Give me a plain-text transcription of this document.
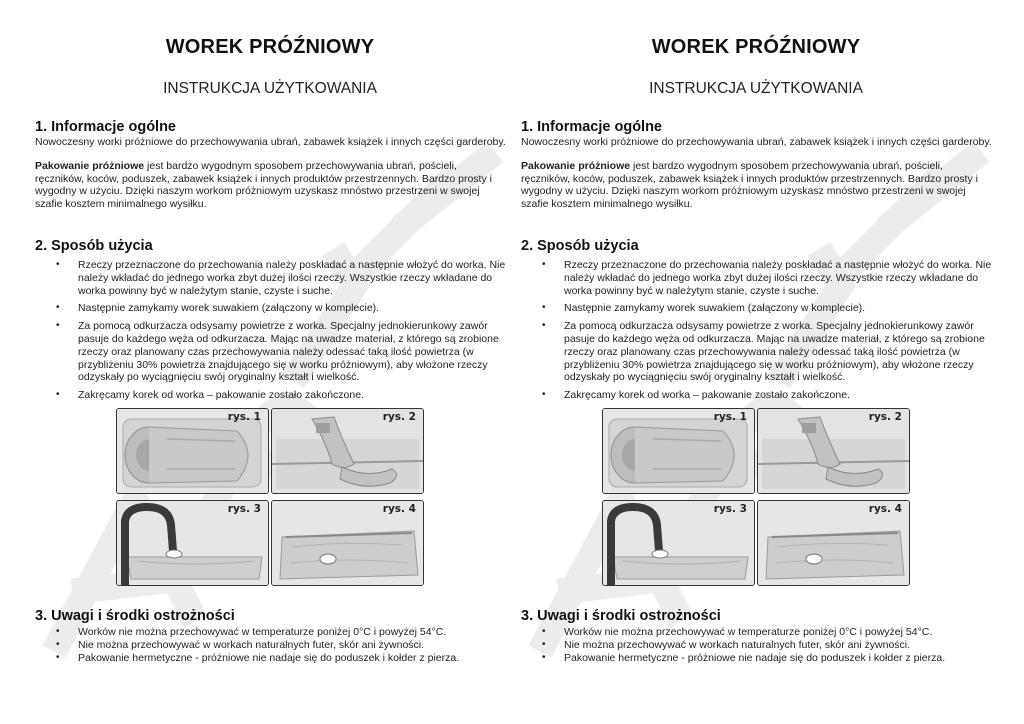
WOREK PRÓŹNIOWY
INSTRUKCJA UŻYTKOWANIA
1. Informacje ogólne

Nowoczesny worki próżniowe do przechowywania ubrań, zabawek książek i innych części garderoby.

Pakowanie próżniowe jest bardzo wygodnym sposobem przechowywania ubrań, pościeli, ręczników, koców, poduszek, zabawek książek i innych produktów przestrzennych. Bardzo prosty i wygodny w użyciu. Dzięki naszym workom próżniowym uzyskasz mnóstwo przestrzeni w swojej szafie kosztem minimalnego wysiłku.

2. Sposób użycia
• Rzeczy przeznaczone do przechowania należy poskładać a następnie włożyć do worka. Nie należy wkładać do jednego worka zbyt dużej ilości rzeczy. Wszystkie rzeczy wkładane do worka powinny być w należytym stanie, czyste i suche.
• Następnie zamykamy worek suwakiem (załączony w komplecie).
• Za pomocą odkurzacza odsysamy powietrze z worka. Specjalny jednokierunkowy zawór pasuje do każdego węża od odkurzacza. Mając na uwadze materiał, z którego są zrobione rzeczy oraz planowany czas przechowywania należy odessać taką ilość powietrza (w przybliżeniu 30% powietrza znajdującego się w worku próżniowym), aby włożone rzeczy odzyskały po wyciągnięciu swój oryginalny kształt i wielkość.
• Zakręcamy korek od worka – pakowanie zostało zakończone.
rys. 1	rys. 2
rys. 3	rys. 4
3. Uwagi i środki ostrożności
• Worków nie można przechowywać w temperaturze poniżej 0°C i powyżej 54°C.
• Nie można przechowywać w workach naturalnych futer, skór ani żywności.
• Pakowanie hermetyczne - próżniowe nie nadaje się do poduszek i kołder z pierza.
WOREK PRÓŹNIOWY
INSTRUKCJA UŻYTKOWANIA
1. Informacje ogólne

Nowoczesny worki próżniowe do przechowywania ubrań, zabawek książek i innych części garderoby.

Pakowanie próżniowe jest bardzo wygodnym sposobem przechowywania ubrań, pościeli, ręczników, koców, poduszek, zabawek książek i innych produktów przestrzennych. Bardzo prosty i wygodny w użyciu. Dzięki naszym workom próżniowym uzyskasz mnóstwo przestrzeni w swojej szafie kosztem minimalnego wysiłku.

2. Sposób użycia
• Rzeczy przeznaczone do przechowania należy poskładać a następnie włożyć do worka. Nie należy wkładać do jednego worka zbyt dużej ilości rzeczy. Wszystkie rzeczy wkładane do worka powinny być w należytym stanie, czyste i suche.
• Następnie zamykamy worek suwakiem (załączony w komplecie).
• Za pomocą odkurzacza odsysamy powietrze z worka. Specjalny jednokierunkowy zawór pasuje do każdego węża od odkurzacza. Mając na uwadze materiał, z którego są zrobione rzeczy oraz planowany czas przechowywania należy odessać taką ilość powietrza (w przybliżeniu 30% powietrza znajdującego się w worku próżniowym), aby włożone rzeczy odzyskały po wyciągnięciu swój oryginalny kształt i wielkość.
• Zakręcamy korek od worka – pakowanie zostało zakończone.
rys. 1	rys. 2
rys. 3	rys. 4
3. Uwagi i środki ostrożności
• Worków nie można przechowywać w temperaturze poniżej 0°C i powyżej 54°C.
• Nie można przechowywać w workach naturalnych futer, skór ani żywności.
• Pakowanie hermetyczne - próżniowe nie nadaje się do poduszek i kołder z pierza.
